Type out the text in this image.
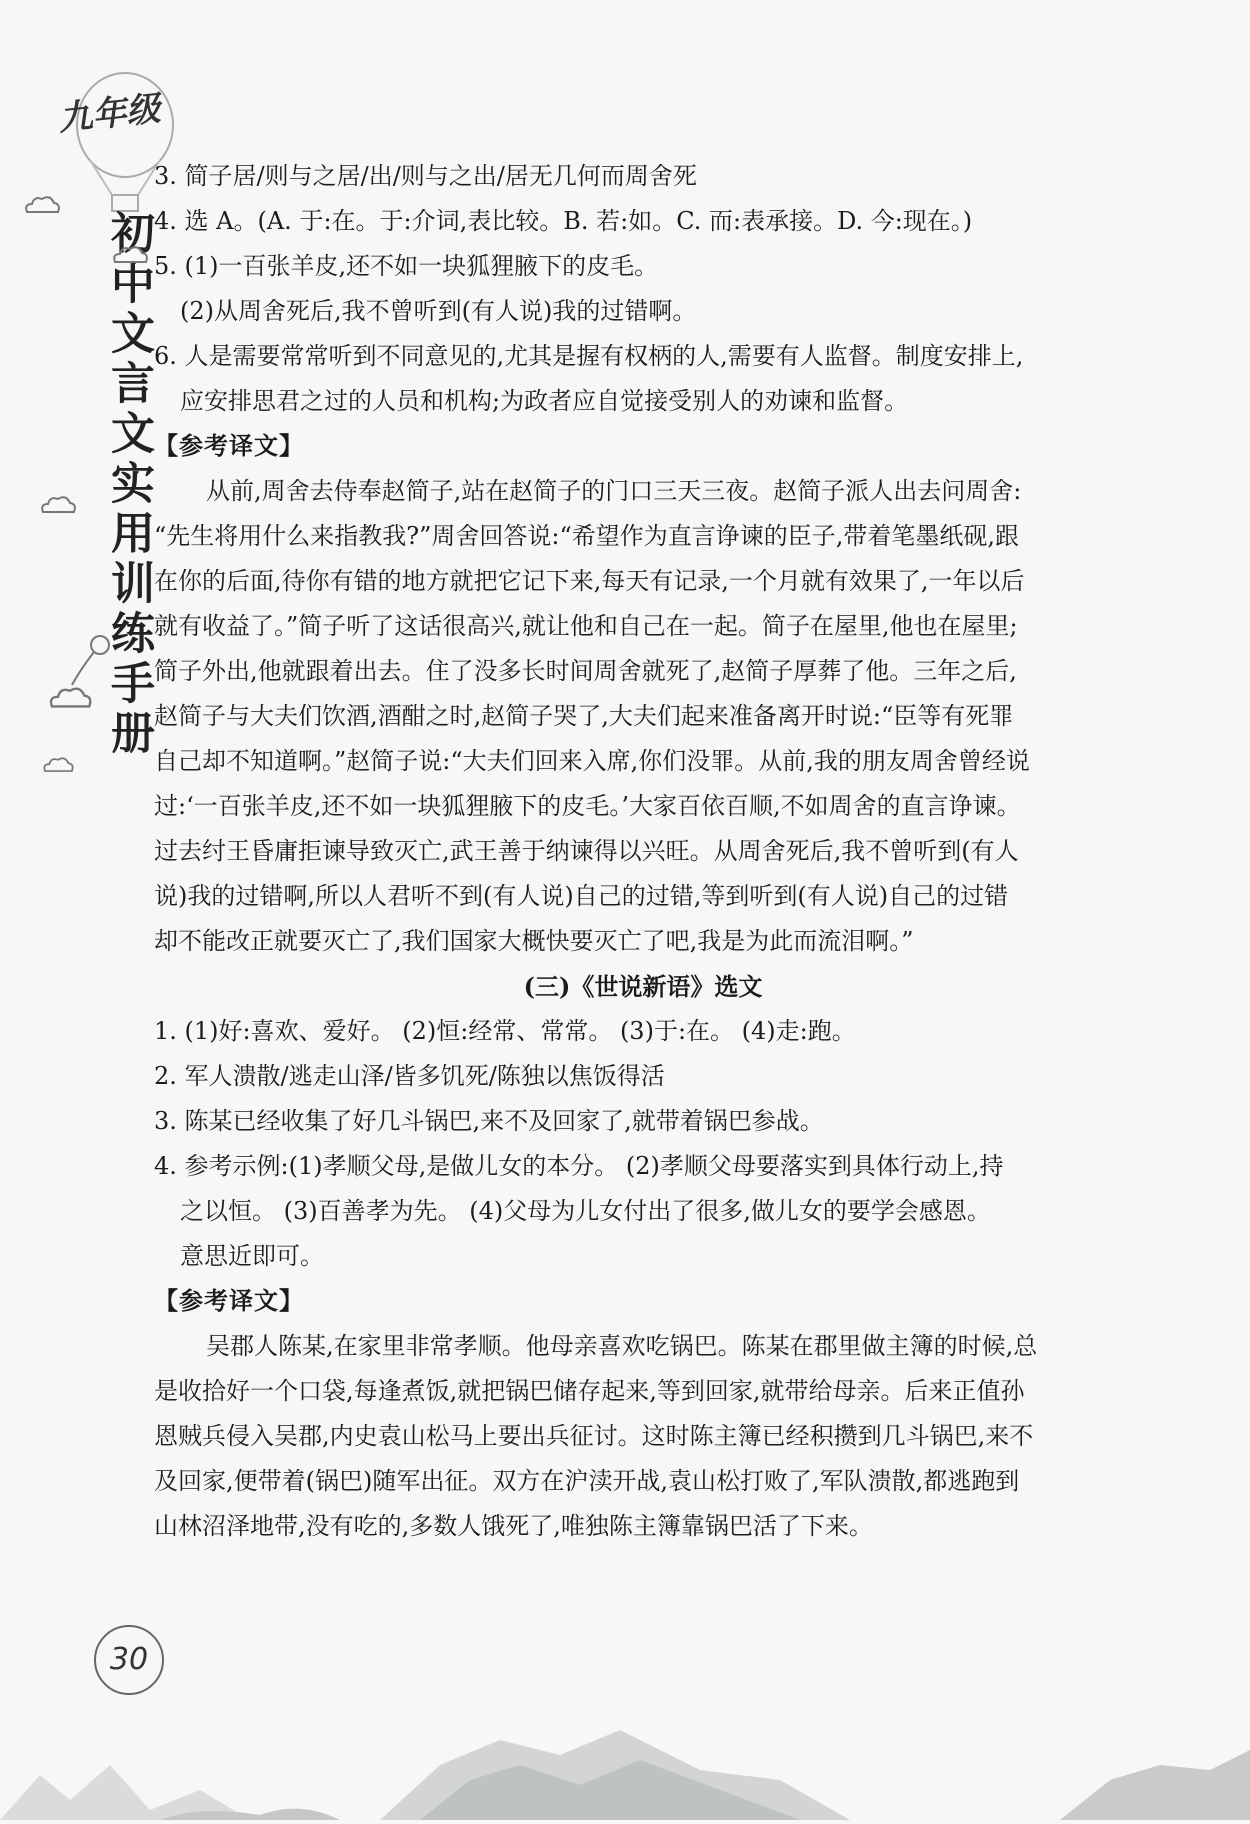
九年级
初中文言文实用训练手册
3. 简子居/则与之居/出/则与之出/居无几何而周舍死
4. 选 A。(A. 于:在。于:介词,表比较。B. 若:如。C. 而:表承接。D. 今:现在。)
5. (1)一百张羊皮,还不如一块狐狸腋下的皮毛。
(2)从周舍死后,我不曾听到(有人说)我的过错啊。
6. 人是需要常常听到不同意见的,尤其是握有权柄的人,需要有人监督。制度安排上,
应安排思君之过的人员和机构;为政者应自觉接受别人的劝谏和监督。
【参考译文】
从前,周舍去侍奉赵简子,站在赵简子的门口三天三夜。赵简子派人出去问周舍:
“先生将用什么来指教我?”周舍回答说:“希望作为直言诤谏的臣子,带着笔墨纸砚,跟
在你的后面,待你有错的地方就把它记下来,每天有记录,一个月就有效果了,一年以后
就有收益了。”简子听了这话很高兴,就让他和自己在一起。简子在屋里,他也在屋里;
简子外出,他就跟着出去。住了没多长时间周舍就死了,赵简子厚葬了他。三年之后,
赵简子与大夫们饮酒,酒酣之时,赵简子哭了,大夫们起来准备离开时说:“臣等有死罪
自己却不知道啊。”赵简子说:“大夫们回来入席,你们没罪。从前,我的朋友周舍曾经说
过:‘一百张羊皮,还不如一块狐狸腋下的皮毛。’大家百依百顺,不如周舍的直言诤谏。
过去纣王昏庸拒谏导致灭亡,武王善于纳谏得以兴旺。从周舍死后,我不曾听到(有人
说)我的过错啊,所以人君听不到(有人说)自己的过错,等到听到(有人说)自己的过错
却不能改正就要灭亡了,我们国家大概快要灭亡了吧,我是为此而流泪啊。”
(三)《世说新语》选文
1. (1)好:喜欢、爱好。 (2)恒:经常、常常。 (3)于:在。 (4)走:跑。
2. 军人溃散/逃走山泽/皆多饥死/陈独以焦饭得活
3. 陈某已经收集了好几斗锅巴,来不及回家了,就带着锅巴参战。
4. 参考示例:(1)孝顺父母,是做儿女的本分。 (2)孝顺父母要落实到具体行动上,持
之以恒。 (3)百善孝为先。 (4)父母为儿女付出了很多,做儿女的要学会感恩。
意思近即可。
【参考译文】
吴郡人陈某,在家里非常孝顺。他母亲喜欢吃锅巴。陈某在郡里做主簿的时候,总
是收拾好一个口袋,每逢煮饭,就把锅巴储存起来,等到回家,就带给母亲。后来正值孙
恩贼兵侵入吴郡,内史袁山松马上要出兵征讨。这时陈主簿已经积攒到几斗锅巴,来不
及回家,便带着(锅巴)随军出征。双方在沪渎开战,袁山松打败了,军队溃散,都逃跑到
山林沼泽地带,没有吃的,多数人饿死了,唯独陈主簿靠锅巴活了下来。
30
